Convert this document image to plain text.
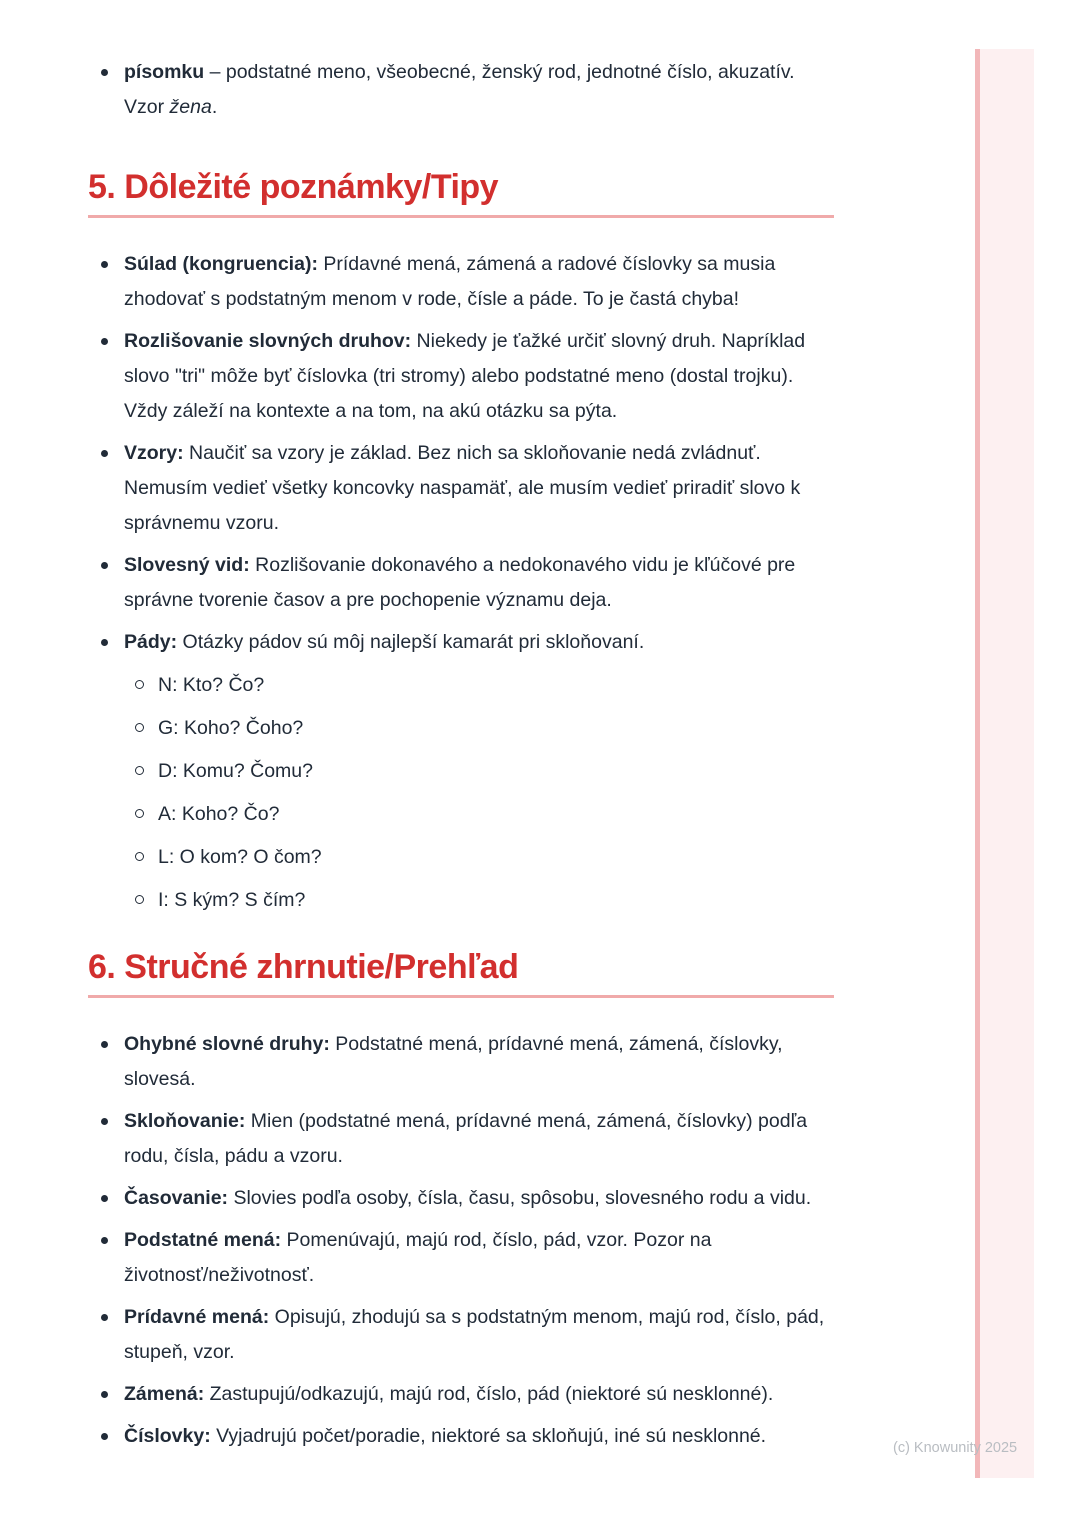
(c) Knowunity 2025
písomku – podstatné meno, všeobecné, ženský rod, jednotné číslo, akuzatív. Vzor žena.
5. Dôležité poznámky/Tipy
Súlad (kongruencia): Prídavné mená, zámená a radové číslovky sa musia zhodovať s podstatným menom v rode, čísle a páde. To je častá chyba!
Rozlišovanie slovných druhov: Niekedy je ťažké určiť slovný druh. Napríklad slovo "tri" môže byť číslovka (tri stromy) alebo podstatné meno (dostal trojku). Vždy záleží na kontexte a na tom, na akú otázku sa pýta.
Vzory: Naučiť sa vzory je základ. Bez nich sa skloňovanie nedá zvládnuť. Nemusím vedieť všetky koncovky naspamäť, ale musím vedieť priradiť slovo k správnemu vzoru.
Slovesný vid: Rozlišovanie dokonavého a nedokonavého vidu je kľúčové pre správne tvorenie časov a pre pochopenie významu deja.
Pády: Otázky pádov sú môj najlepší kamarát pri skloňovaní.
N: Kto? Čo?
G: Koho? Čoho?
D: Komu? Čomu?
A: Koho? Čo?
L: O kom? O čom?
I: S kým? S čím?
6. Stručné zhrnutie/Prehľad
Ohybné slovné druhy: Podstatné mená, prídavné mená, zámená, číslovky, slovesá.
Skloňovanie: Mien (podstatné mená, prídavné mená, zámená, číslovky) podľa rodu, čísla, pádu a vzoru.
Časovanie: Slovies podľa osoby, čísla, času, spôsobu, slovesného rodu a vidu.
Podstatné mená: Pomenúvajú, majú rod, číslo, pád, vzor. Pozor na životnosť/neživotnosť.
Prídavné mená: Opisujú, zhodujú sa s podstatným menom, majú rod, číslo, pád, stupeň, vzor.
Zámená: Zastupujú/odkazujú, majú rod, číslo, pád (niektoré sú nesklonné).
Číslovky: Vyjadrujú počet/poradie, niektoré sa skloňujú, iné sú nesklonné.
